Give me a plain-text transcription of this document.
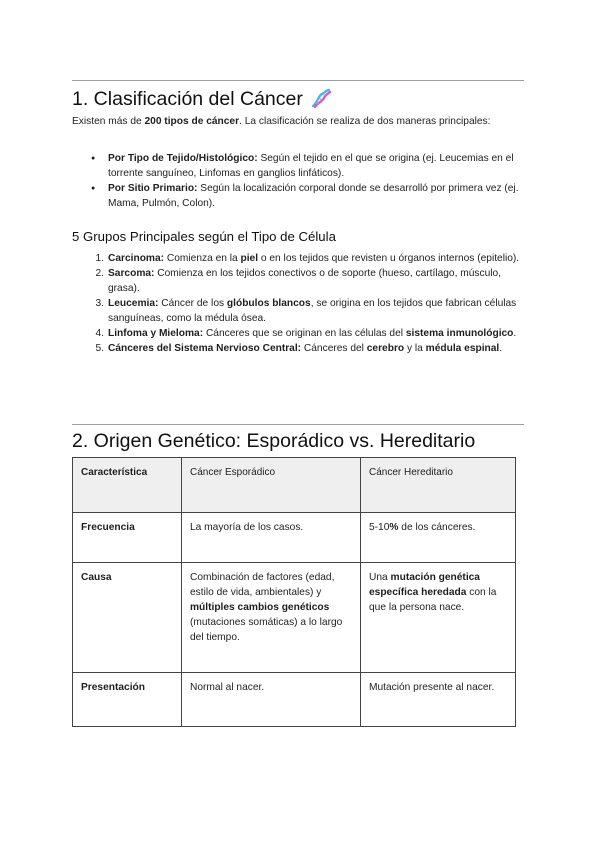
1. Clasificación del Cáncer

Existen más de 200 tipos de cáncer. La clasificación se realiza de dos maneras principales:

● Por Tipo de Tejido/Histológico: Según el tejido en el que se origina (ej. Leucemias en el torrente sanguíneo, Linfomas en ganglios linfáticos).
● Por Sitio Primario: Según la localización corporal donde se desarrolló por primera vez (ej. Mama, Pulmón, Colon).
5 Grupos Principales según el Tipo de Célula
1. Carcinoma: Comienza en la piel o en los tejidos que revisten u órganos internos (epitelio).
2. Sarcoma: Comienza en los tejidos conectivos o de soporte (hueso, cartílago, músculo, grasa).
3. Leucemia: Cáncer de los glóbulos blancos, se origina en los tejidos que fabrican células sanguíneas, como la médula ósea.
4. Linfoma y Mieloma: Cánceres que se originan en las células del sistema inmunológico.
5. Cánceres del Sistema Nervioso Central: Cánceres del cerebro y la médula espinal.
2. Origen Genético: Esporádico vs. Hereditario
Característica	Cáncer Esporádico	Cáncer Hereditario
Frecuencia	La mayoría de los casos.	5-10% de los cánceres.
Causa	Combinación de factores (edad, estilo de vida, ambientales) y múltiples cambios genéticos (mutaciones somáticas) a lo largo del tiempo.	Una mutación genética específica heredada con la que la persona nace.
Presentación	Normal al nacer.	Mutación presente al nacer.
